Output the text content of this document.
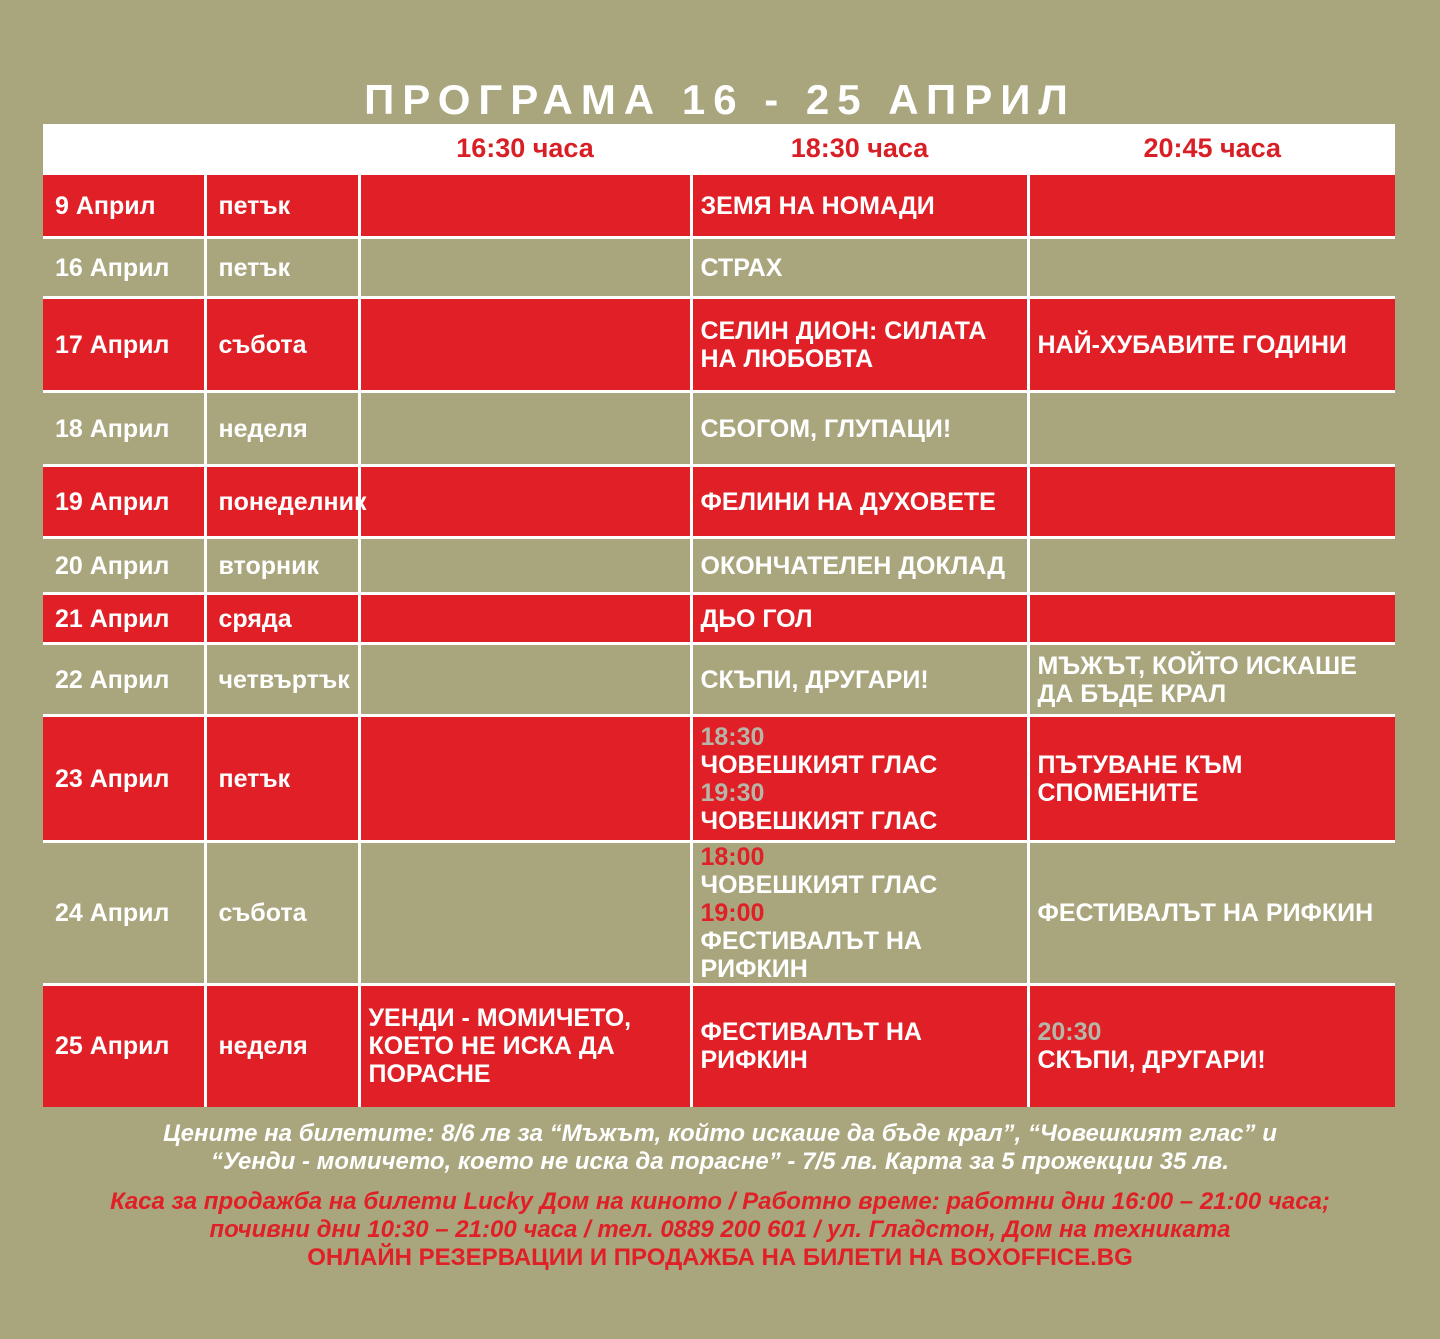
ПРОГРАМА 16 - 25 АПРИЛ
		16:30 часа	18:30 часа	20:45 часа
9 Април	петък		ЗЕМЯ НА НОМАДИ	
16 Април	петък		СТРАХ	
17 Април	събота		СЕЛИН ДИОН: СИЛАТА НА ЛЮБОВТА	НАЙ-ХУБАВИТЕ ГОДИНИ
18 Април	неделя		СБОГОМ, ГЛУПАЦИ!	
19 Април	понеделник		ФЕЛИНИ НА ДУХОВЕТЕ	
20 Април	вторник		ОКОНЧАТЕЛЕН ДОКЛАД	
21 Април	сряда		ДЬО ГОЛ	
22 Април	четвъртък		СКЪПИ, ДРУГАРИ!	МЪЖЪТ, КОЙТО ИСКАШЕ ДА БЪДЕ КРАЛ
23 Април	петък		18:30
ЧОВЕШКИЯТ ГЛАС
19:30
ЧОВЕШКИЯТ ГЛАС	ПЪТУВАНЕ КЪМ СПОМЕНИТЕ
24 Април	събота		18:00
ЧОВЕШКИЯТ ГЛАС
19:00
ФЕСТИВАЛЪТ НА РИФКИН	ФЕСТИВАЛЪТ НА РИФКИН
25 Април	неделя	УЕНДИ - МОМИЧЕТО, КОЕТО НЕ ИСКА ДА ПОРАСНЕ	ФЕСТИВАЛЪТ НА РИФКИН	20:30
СКЪПИ, ДРУГАРИ!
Цените на билетите: 8/6 лв за “Мъжът, който искаше да бъде крал”, “Човешкият глас” и
“Уенди - момичето, което не иска да порасне” - 7/5 лв. Карта за 5 прожекции 35 лв.
Каса за продажба на билети Lucky Дом на киното / Работно време: работни дни 16:00 – 21:00 часа;
почивни дни 10:30 – 21:00 часа / тел. 0889 200 601 / ул. Гладстон, Дом на техниката
ОНЛАЙН РЕЗЕРВАЦИИ И ПРОДАЖБА НА БИЛЕТИ НА BOXOFFICE.BG
